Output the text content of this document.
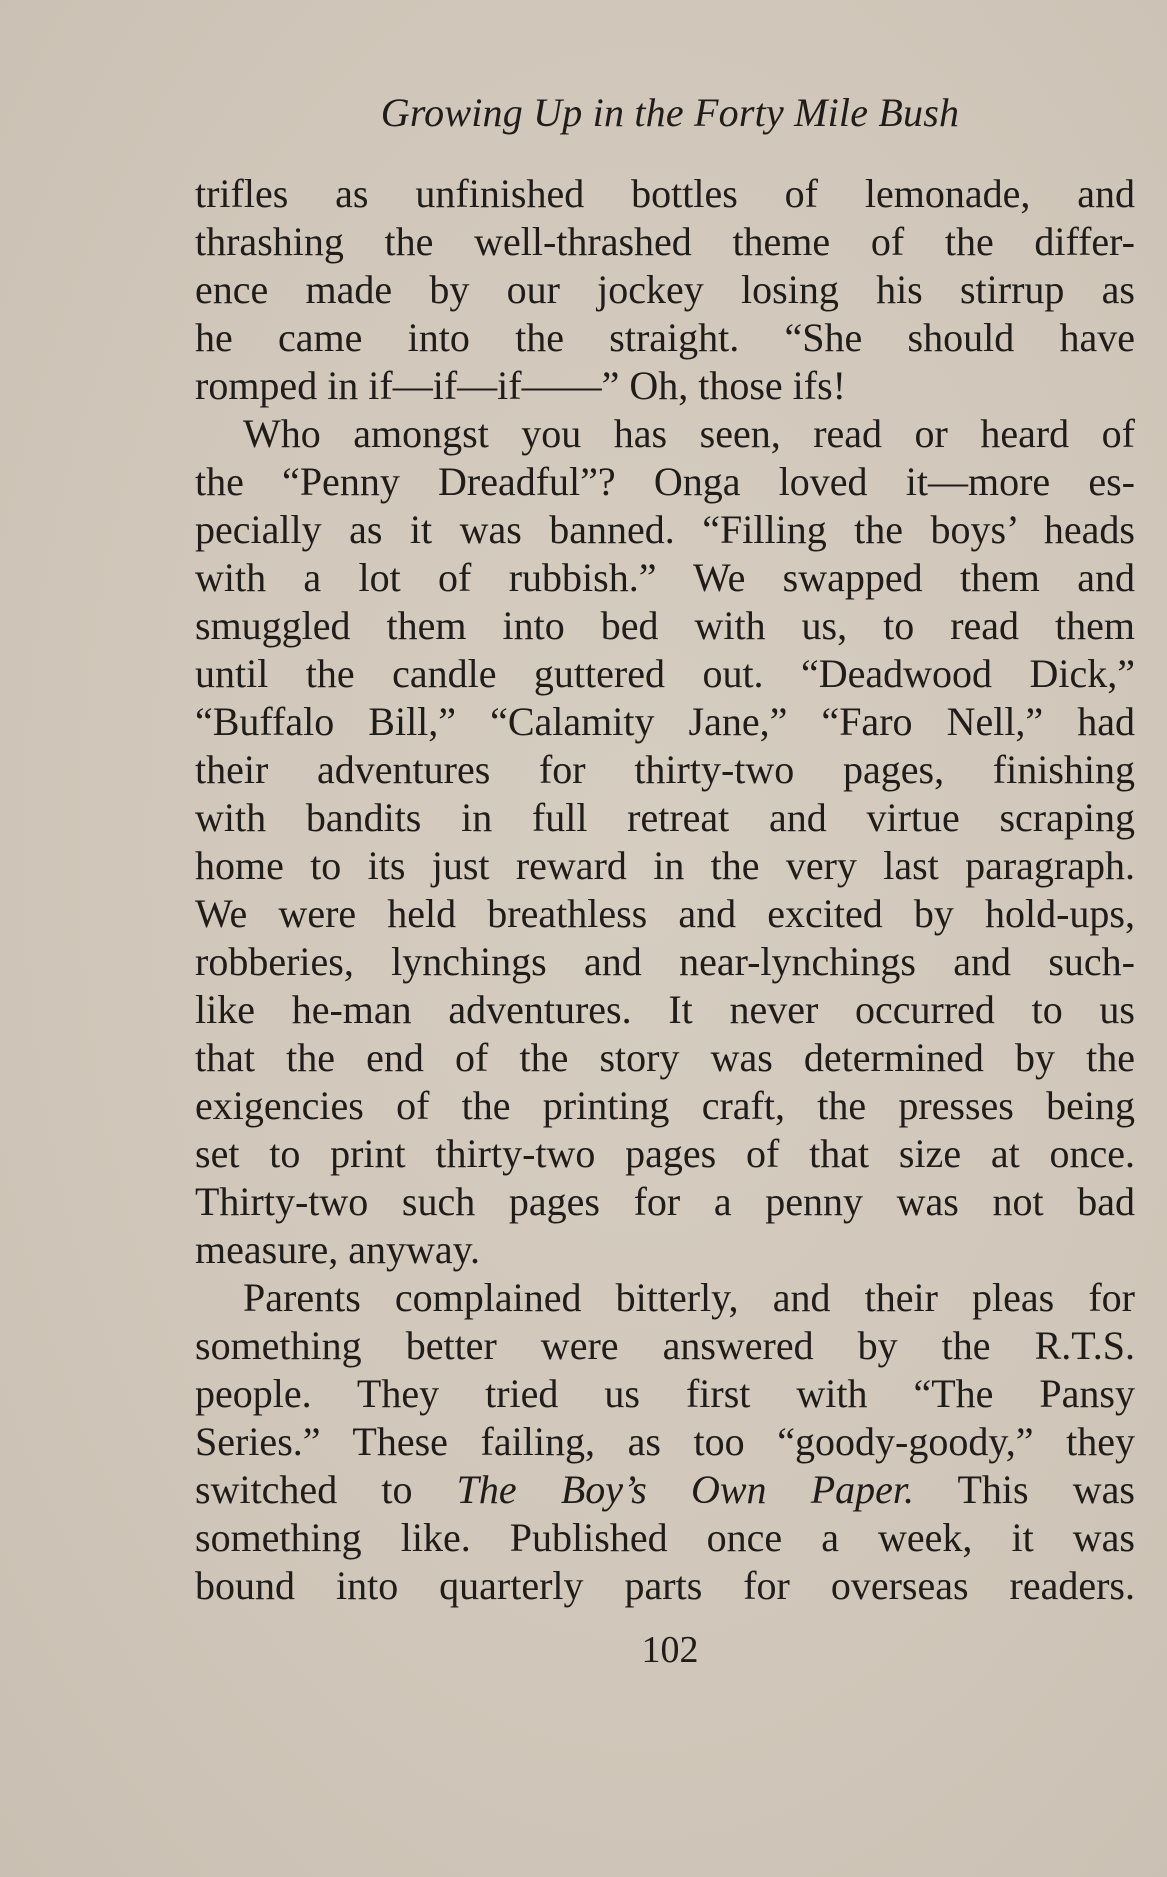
Growing Up in the Forty Mile Bush
trifles as unfinished bottles of lemonade, and
thrashing the well-thrashed theme of the differ-
ence made by our jockey losing his stirrup as
he came into the straight. “She should have
romped in if—if—if——” Oh, those ifs!
Who amongst you has seen, read or heard of
the “Penny Dreadful”? Onga loved it—more es-
pecially as it was banned. “Filling the boys’ heads
with a lot of rubbish.” We swapped them and
smuggled them into bed with us, to read them
until the candle guttered out. “Deadwood Dick,”
“Buffalo Bill,” “Calamity Jane,” “Faro Nell,” had
their adventures for thirty-two pages, finishing
with bandits in full retreat and virtue scraping
home to its just reward in the very last paragraph.
We were held breathless and excited by hold-ups,
robberies, lynchings and near-lynchings and such-
like he-man adventures. It never occurred to us
that the end of the story was determined by the
exigencies of the printing craft, the presses being
set to print thirty-two pages of that size at once.
Thirty-two such pages for a penny was not bad
measure, anyway.
Parents complained bitterly, and their pleas for
something better were answered by the R.T.S.
people. They tried us first with “The Pansy
Series.” These failing, as too “goody-goody,” they
switched to The Boy’s Own Paper. This was
something like. Published once a week, it was
bound into quarterly parts for overseas readers.
102
